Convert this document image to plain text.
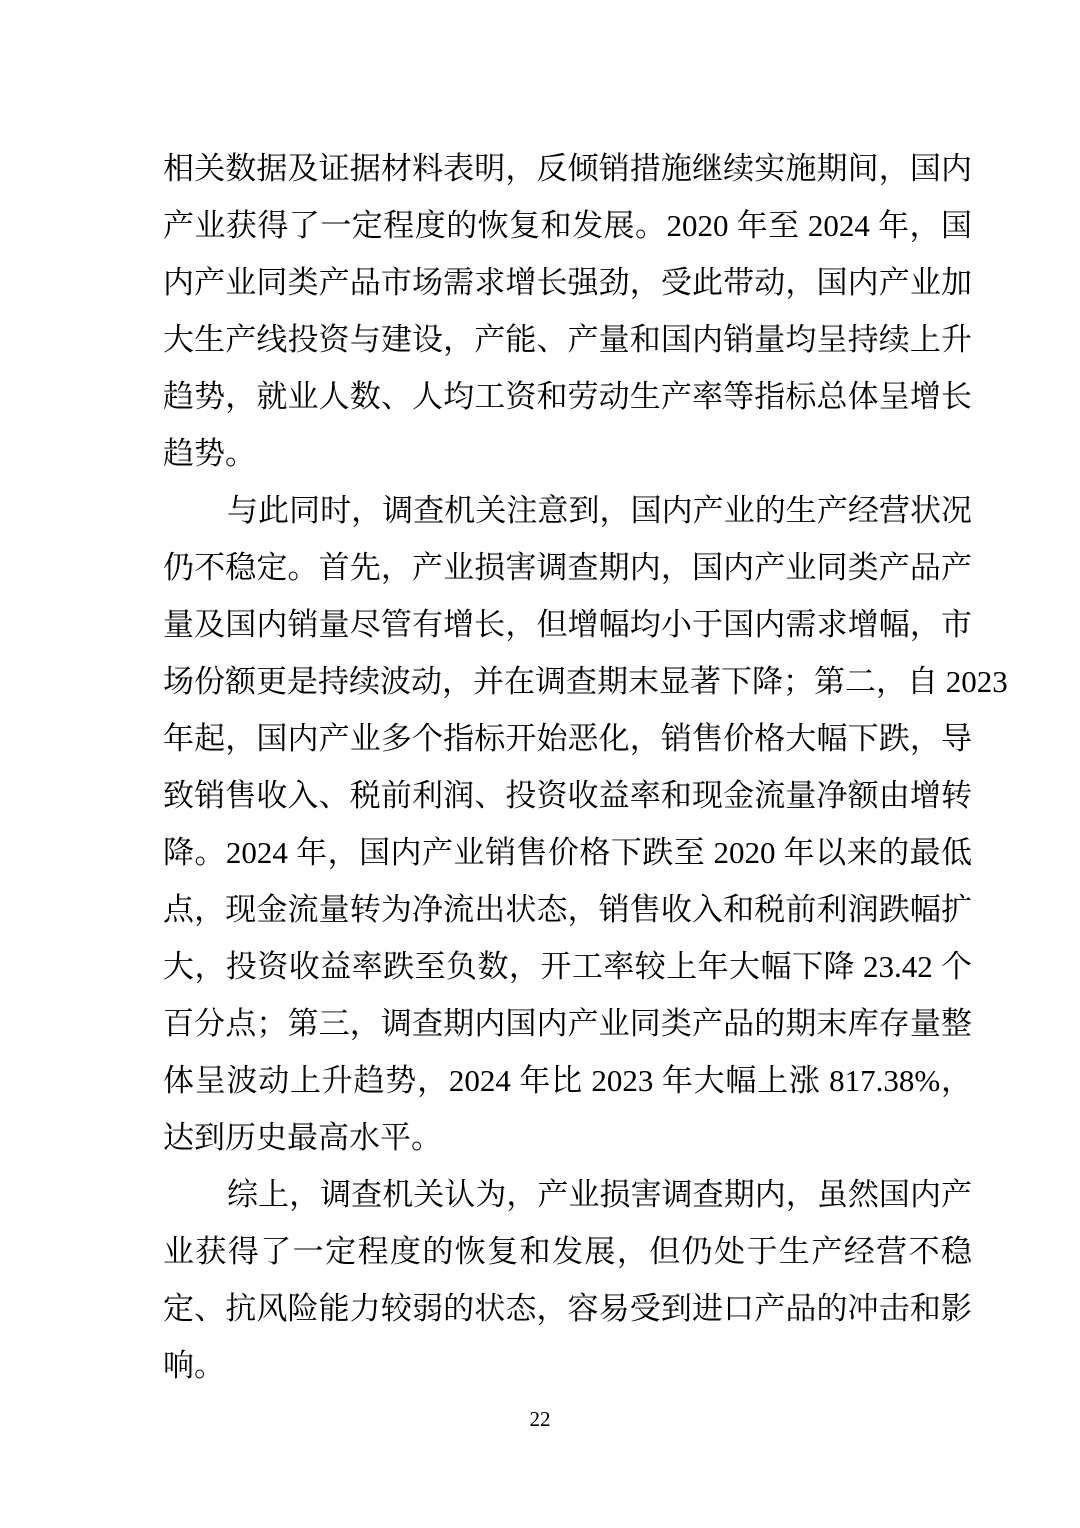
相关数据及证据材料表明，反倾销措施继续实施期间，国内
产业获得了一定程度的恢复和发展。2020 年至 2024 年，国
内产业同类产品市场需求增长强劲，受此带动，国内产业加
大生产线投资与建设，产能、产量和国内销量均呈持续上升
趋势，就业人数、人均工资和劳动生产率等指标总体呈增长
趋势。
与此同时，调查机关注意到，国内产业的生产经营状况
仍不稳定。首先，产业损害调查期内，国内产业同类产品产
量及国内销量尽管有增长，但增幅均小于国内需求增幅，市
场份额更是持续波动，并在调查期末显著下降；第二，自 2023
年起，国内产业多个指标开始恶化，销售价格大幅下跌，导
致销售收入、税前利润、投资收益率和现金流量净额由增转
降。2024 年，国内产业销售价格下跌至 2020 年以来的最低
点，现金流量转为净流出状态，销售收入和税前利润跌幅扩
大，投资收益率跌至负数，开工率较上年大幅下降 23.42 个
百分点；第三，调查期内国内产业同类产品的期末库存量整
体呈波动上升趋势，2024 年比 2023 年大幅上涨 817.38%，
达到历史最高水平。
综上，调查机关认为，产业损害调查期内，虽然国内产
业获得了一定程度的恢复和发展，但仍处于生产经营不稳
定、抗风险能力较弱的状态，容易受到进口产品的冲击和影
响。
22
